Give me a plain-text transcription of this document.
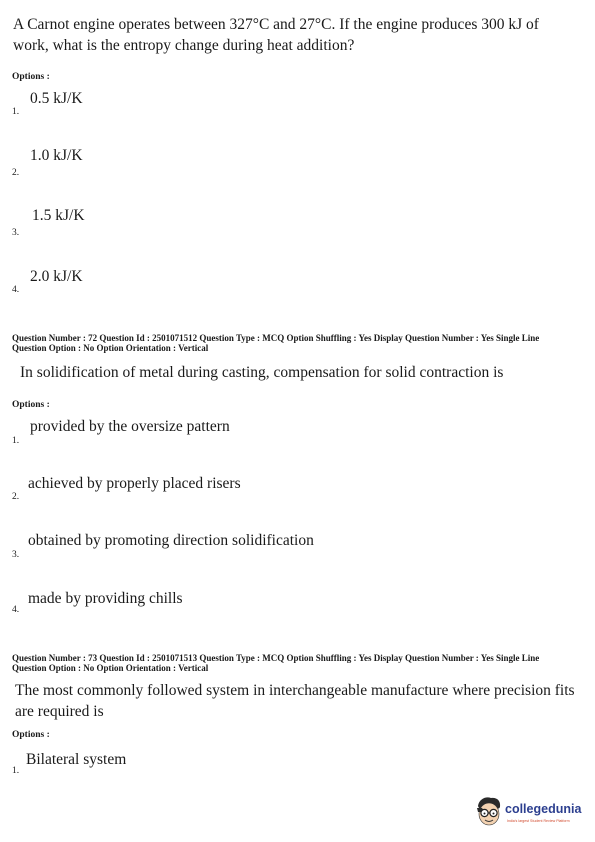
A Carnot engine operates between 327°C and 27°C. If the engine produces 300 kJ of work, what is the entropy change during heat addition?
Options :
0.5 kJ/K
1.
1.0 kJ/K
2.
1.5 kJ/K
3.
2.0 kJ/K
4.
Question Number : 72 Question Id : 2501071512 Question Type : MCQ Option Shuffling : Yes Display Question Number : Yes Single Line Question Option : No Option Orientation : Vertical
In solidification of metal during casting, compensation for solid contraction is
Options :
provided by the oversize pattern
1.
achieved by properly placed risers
2.
obtained by promoting direction solidification
3.
made by providing chills
4.
Question Number : 73 Question Id : 2501071513 Question Type : MCQ Option Shuffling : Yes Display Question Number : Yes Single Line Question Option : No Option Orientation : Vertical
The most commonly followed system in interchangeable manufacture where precision fits are required is
Options :
Bilateral system
1.
collegedunia
India's largest Student Review Platform
